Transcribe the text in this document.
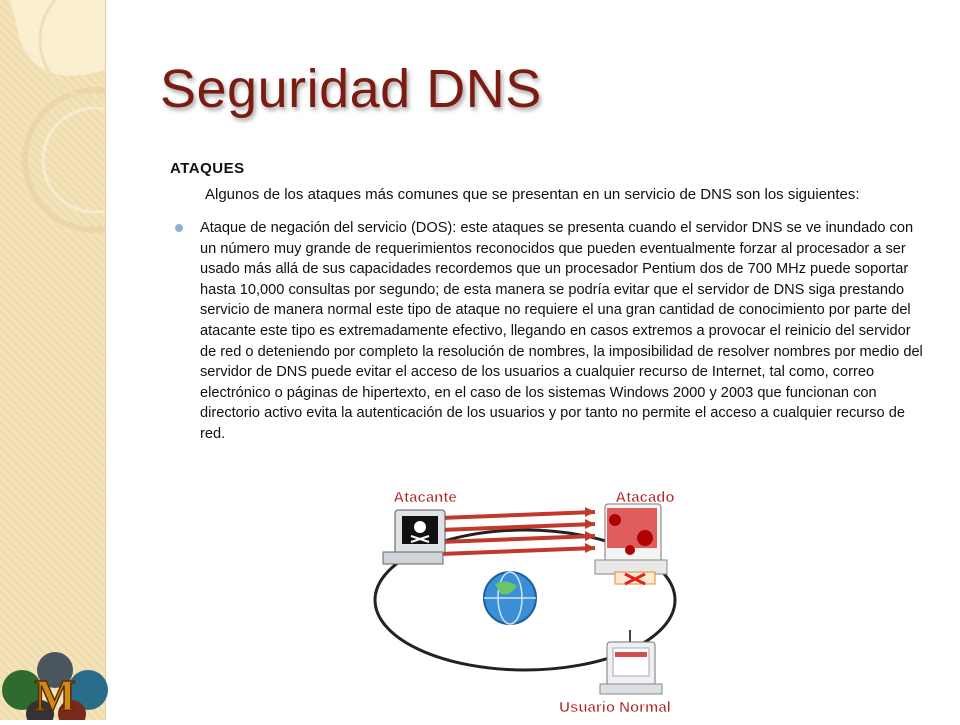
M
Seguridad DNS
ATAQUES
Algunos de los ataques más comunes que se presentan en un servicio de DNS son los siguientes:
Ataque de negación del servicio (DOS): este ataques se presenta cuando el servidor DNS se ve inundado con un número muy grande de requerimientos reconocidos que pueden eventualmente forzar al procesador a ser usado más allá de sus capacidades recordemos que un procesador Pentium dos de 700 MHz puede soportar hasta 10,000 consultas por segundo; de esta manera se podría evitar que el servidor de DNS siga prestando servicio de manera normal este tipo de ataque no requiere el una gran cantidad de conocimiento por parte del atacante este tipo es extremadamente efectivo, llegando en casos extremos a provocar el reinicio del servidor de red o deteniendo por completo la resolución de nombres, la imposibilidad de resolver nombres por medio del servidor de DNS puede evitar el acceso de los usuarios a cualquier recurso de Internet, tal como, correo electrónico o páginas de hipertexto, en el caso de los sistemas Windows 2000 y 2003 que funcionan con directorio activo evita la autenticación de los usuarios y por tanto no permite el acceso a cualquier recurso de red.
Atacante	Atacado
Usuario Normal
